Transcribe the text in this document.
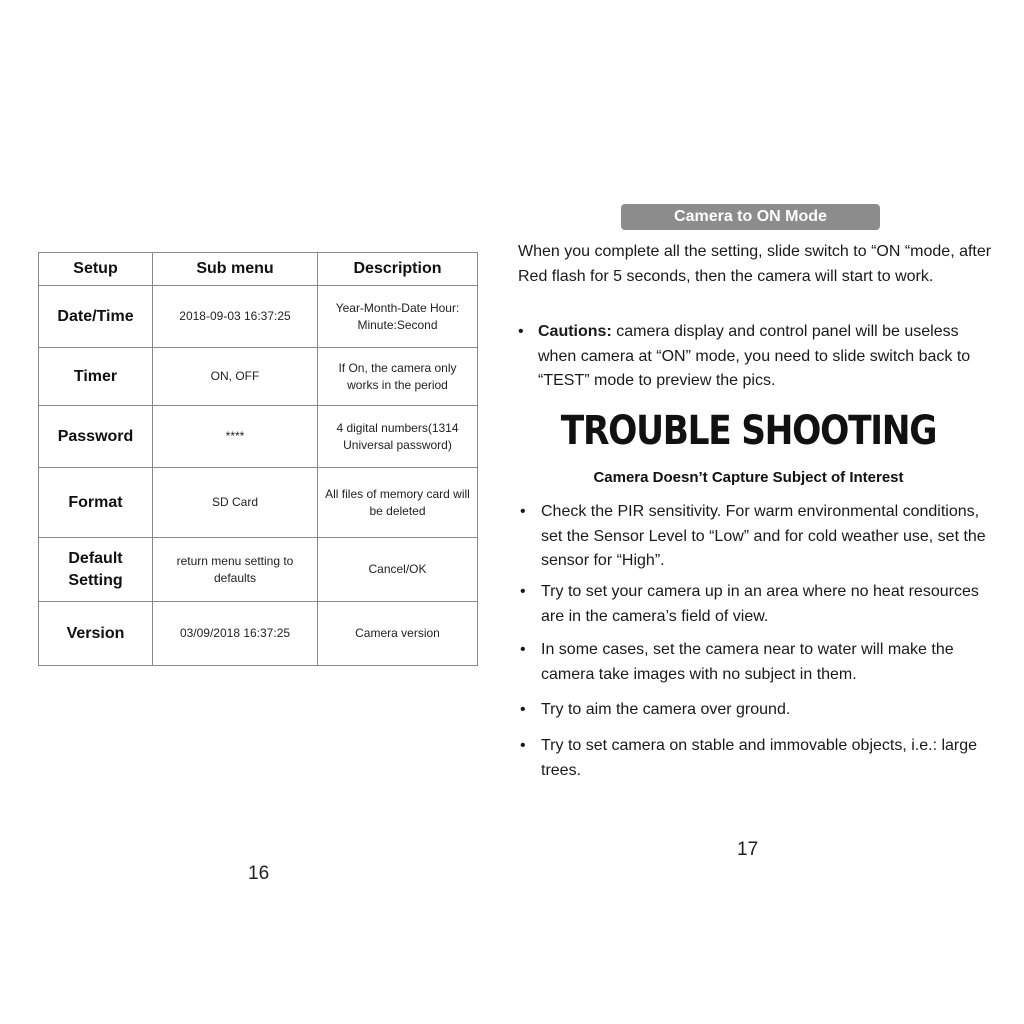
Setup	Sub menu	Description
Date/Time	2018-09-03 16:37:25	Year-Month-Date Hour: Minute:Second
Timer	ON, OFF	If On, the camera only works in the period
Password	****	4 digital numbers(1314 Universal password)
Format	SD Card	All files of memory card will be deleted
Default Setting	return menu setting to defaults	Cancel/OK
Version	03/09/2018 16:37:25	Camera version
16
Camera to ON Mode
When you complete all the setting, slide switch to “ON “mode, after Red flash for 5 seconds, then the camera will start to work.
• Cautions: camera display and control panel will be useless when camera at “ON” mode, you need to slide switch back to “TEST” mode to preview the pics.
TROUBLE SHOOTING
Camera Doesn’t Capture Subject of Interest
• Check the PIR sensitivity. For warm environmental conditions, set the Sensor Level to “Low” and for cold weather use, set the sensor for “High”.
• Try to set your camera up in an area where no heat resources are in the camera’s field of view.
• In some cases, set the camera near to water will make the camera take images with no subject in them.
• Try to aim the camera over ground.
• Try to set camera on stable and immovable objects, i.e.: large trees.
17
